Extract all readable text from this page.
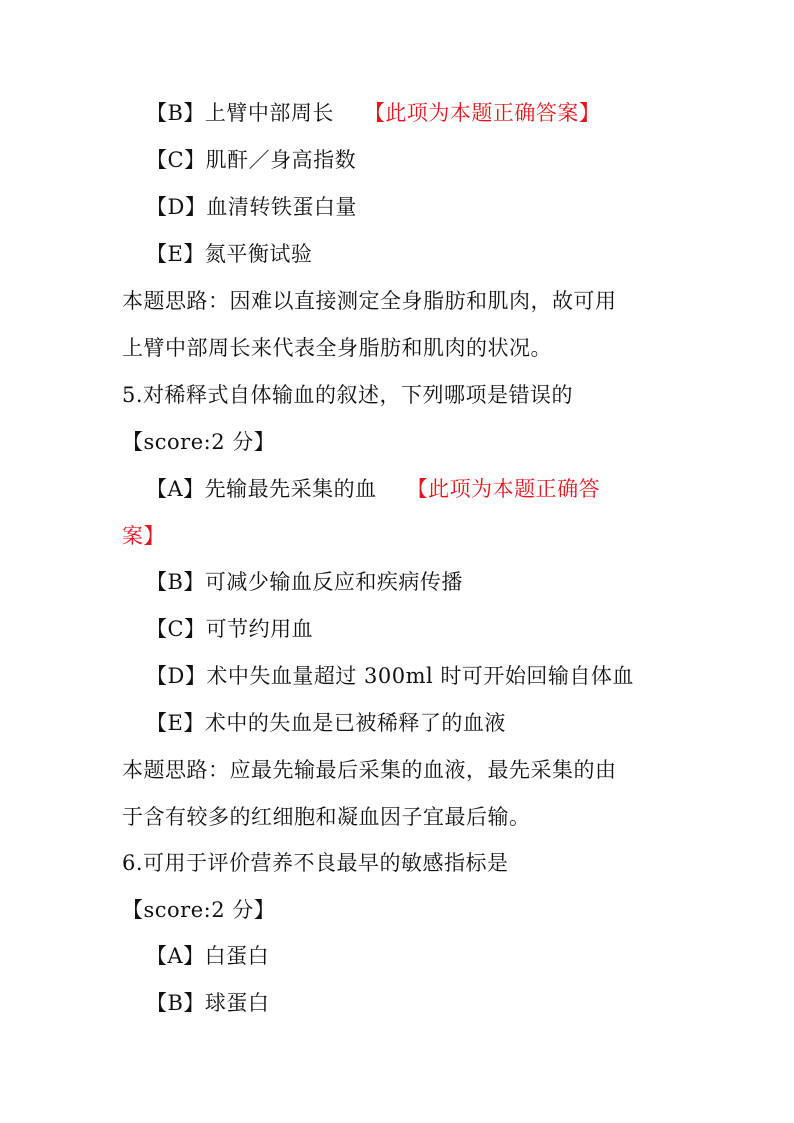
【B】上臂中部周长 【此项为本题正确答案】
【C】肌酐／身高指数
【D】血清转铁蛋白量
【E】氮平衡试验
本题思路：因难以直接测定全身脂肪和肌肉，故可用
上臂中部周长来代表全身脂肪和肌肉的状况。
5.对稀释式自体输血的叙述，下列哪项是错误的
【score:2 分】
【A】先输最先采集的血 【此项为本题正确答
案】
【B】可减少输血反应和疾病传播
【C】可节约用血
【D】术中失血量超过 300ml 时可开始回输自体血
【E】术中的失血是已被稀释了的血液
本题思路：应最先输最后采集的血液，最先采集的由
于含有较多的红细胞和凝血因子宜最后输。
6.可用于评价营养不良最早的敏感指标是
【score:2 分】
【A】白蛋白
【B】球蛋白
